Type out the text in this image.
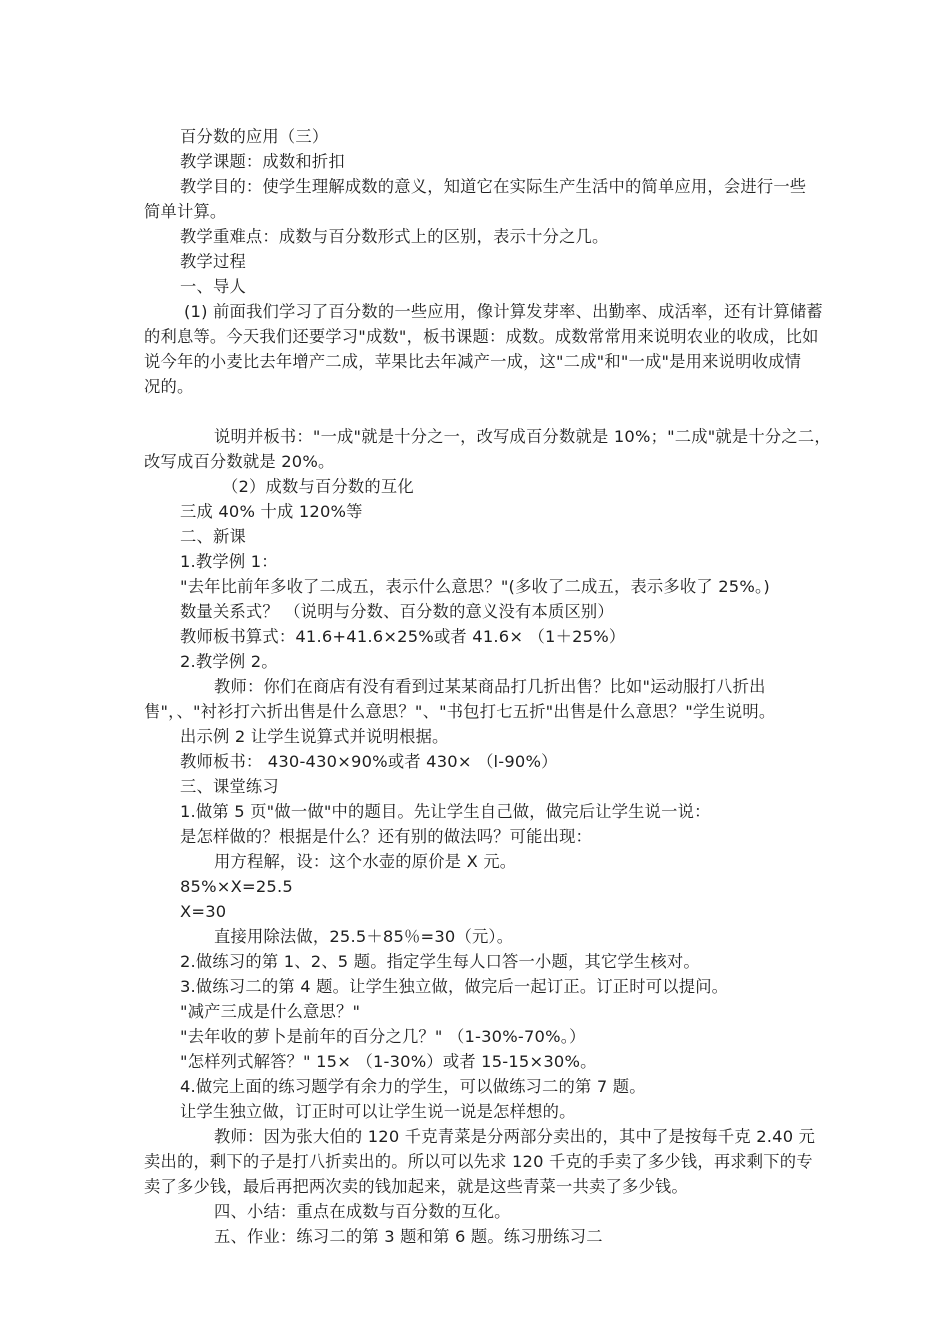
百分数的应用（三）
教学课题：成数和折扣
教学目的：使学生理解成数的意义，知道它在实际生产生活中的简单应用，会进行一些
简单计算。
教学重难点：成数与百分数形式上的区别，表示十分之几。
教学过程
一、导人
(1) 前面我们学习了百分数的一些应用，像计算发芽率、出勤率、成活率，还有计算储蓄
的利息等。今天我们还要学习"成数"，板书课题：成数。成数常常用来说明农业的收成，比如
说今年的小麦比去年增产二成，苹果比去年减产一成，这"二成"和"一成"是用来说明收成情
况的。
说明并板书："一成"就是十分之一，改写成百分数就是 10%；"二成"就是十分之二，
改写成百分数就是 20%。
（2）成数与百分数的互化
三成 40% 十成 120%等
二、新课
1.教学例 1：
"去年比前年多收了二成五，表示什么意思？"(多收了二成五，表示多收了 25%。)
数量关系式？ （说明与分数、百分数的意义没有本质区别）
教师板书算式：41.6+41.6×25%或者 41.6× （1＋25%）
2.教学例 2。
教师：你们在商店有没有看到过某某商品打几折出售？比如"运动服打八折出
售"，、"衬衫打六折出售是什么意思？"、"书包打七五折"出售是什么意思？"学生说明。
出示例 2 让学生说算式并说明根据。
教师板书： 430-430×90%或者 430× （l-90%）
三、课堂练习
1.做第 5 页"做一做"中的题目。先让学生自己做，做完后让学生说一说：
是怎样做的？根据是什么？还有别的做法吗？可能出现：
用方程解，设：这个水壶的原价是 X 元。
85%×X=25.5
X=30
直接用除法做，25.5＋85％=30（元）。
2.做练习的第 1、2、5 题。指定学生每人口答一小题，其它学生核对。
3.做练习二的第 4 题。让学生独立做，做完后一起订正。订正时可以提问。
"减产三成是什么意思？"
"去年收的萝卜是前年的百分之几？" （1-30%-70%。）
"怎样列式解答？" 15× （1-30%）或者 15-15×30%。
4.做完上面的练习题学有余力的学生，可以做练习二的第 7 题。
让学生独立做，订正时可以让学生说一说是怎样想的。
教师：因为张大伯的 120 千克青菜是分两部分卖出的，其中了是按每千克 2.40 元
卖出的，剩下的子是打八折卖出的。所以可以先求 120 千克的手卖了多少钱，再求剩下的专
卖了多少钱，最后再把两次卖的钱加起来，就是这些青菜一共卖了多少钱。
四、小结：重点在成数与百分数的互化。
五、作业：练习二的第 3 题和第 6 题。练习册练习二
